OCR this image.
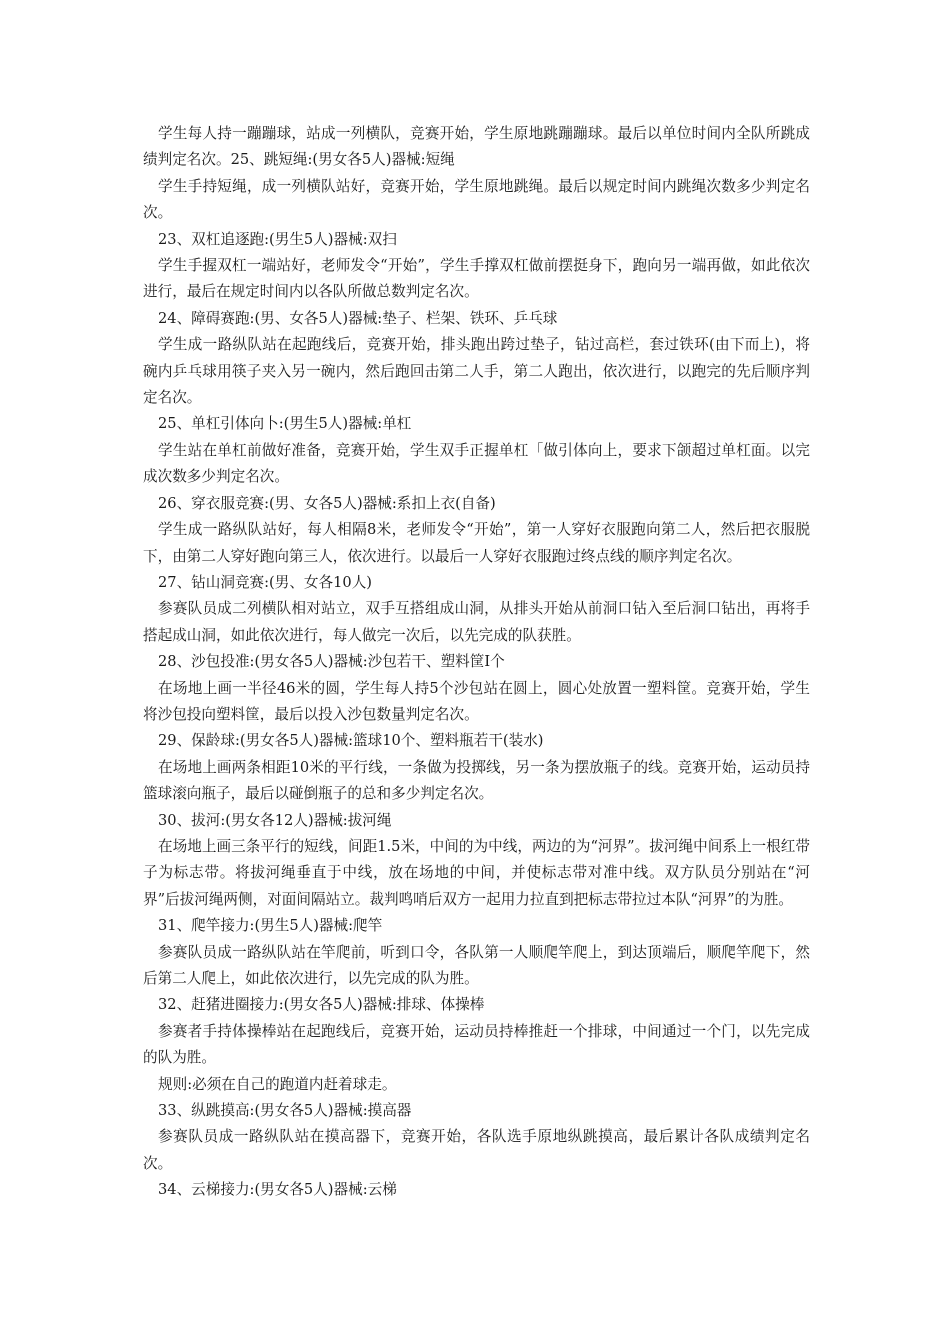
学生每人持一蹦蹦球，站成一列横队，竞赛开始，学生原地跳蹦蹦球。最后以单位时间内全队所跳成绩判定名次。25、跳短绳:(男女各5人)器械:短绳

学生手持短绳，成一列横队站好，竞赛开始，学生原地跳绳。最后以规定时间内跳绳次数多少判定名次。

23、双杠追逐跑:(男生5人)器械:双扫

学生手握双杠一端站好，老师发令“开始”，学生手撑双杠做前摆挺身下，跑向另一端再做，如此依次进行，最后在规定时间内以各队所做总数判定名次。

24、障碍赛跑:(男、女各5人)器械:垫子、栏架、铁环、乒乓球

学生成一路纵队站在起跑线后，竞赛开始，排头跑出跨过垫子，钻过高栏，套过铁环(由下而上)，将碗内乒乓球用筷子夹入另一碗内，然后跑回击第二人手，第二人跑出，依次进行，以跑完的先后顺序判定名次。

25、单杠引体向卜:(男生5人)器械:单杠

学生站在单杠前做好准备，竞赛开始，学生双手正握单杠「做引体向上，要求下颌超过单杠面。以完成次数多少判定名次。

26、穿衣服竞赛:(男、女各5人)器械:系扣上衣(自备)

学生成一路纵队站好，每人相隔8米，老师发令“开始”，第一人穿好衣服跑向第二人，然后把衣服脱下，由第二人穿好跑向第三人，依次进行。以最后一人穿好衣服跑过终点线的顺序判定名次。

27、钻山洞竞赛:(男、女各10人)

参赛队员成二列横队相对站立，双手互搭组成山洞，从排头开始从前洞口钻入至后洞口钻出，再将手搭起成山洞，如此依次进行，每人做完一次后，以先完成的队获胜。

28、沙包投准:(男女各5人)器械:沙包若干、塑料筐I个

在场地上画一半径46米的圆，学生每人持5个沙包站在圆上，圆心处放置一塑料筐。竞赛开始，学生将沙包投向塑料筐，最后以投入沙包数量判定名次。

29、保龄球:(男女各5人)器械:篮球10个、塑料瓶若干(装水)

在场地上画两条相距10米的平行线，一条做为投掷线，另一条为摆放瓶子的线。竞赛开始，运动员持篮球滚向瓶子，最后以碰倒瓶子的总和多少判定名次。

30、拔河:(男女各12人)器械:拔河绳

在场地上画三条平行的短线，间距1.5米，中间的为中线，两边的为“河界”。拔河绳中间系上一根红带子为标志带。将拔河绳垂直于中线，放在场地的中间，并使标志带对准中线。双方队员分别站在“河界”后拔河绳两侧，对面间隔站立。裁判鸣哨后双方一起用力拉直到把标志带拉过本队“河界”的为胜。

31、爬竿接力:(男生5人)器械:爬竿

参赛队员成一路纵队站在竿爬前，听到口令，各队第一人顺爬竿爬上，到达顶端后，顺爬竿爬下，然后第二人爬上，如此依次进行，以先完成的队为胜。

32、赶猪进圈接力:(男女各5人)器械:排球、体操棒

参赛者手持体操棒站在起跑线后，竞赛开始，运动员持棒推赶一个排球，中间通过一个门，以先完成的队为胜。

规则:必须在自己的跑道内赶着球走。

33、纵跳摸高:(男女各5人)器械:摸高器

参赛队员成一路纵队站在摸高器下，竞赛开始，各队选手原地纵跳摸高，最后累计各队成绩判定名次。

34、云梯接力:(男女各5人)器械:云梯
